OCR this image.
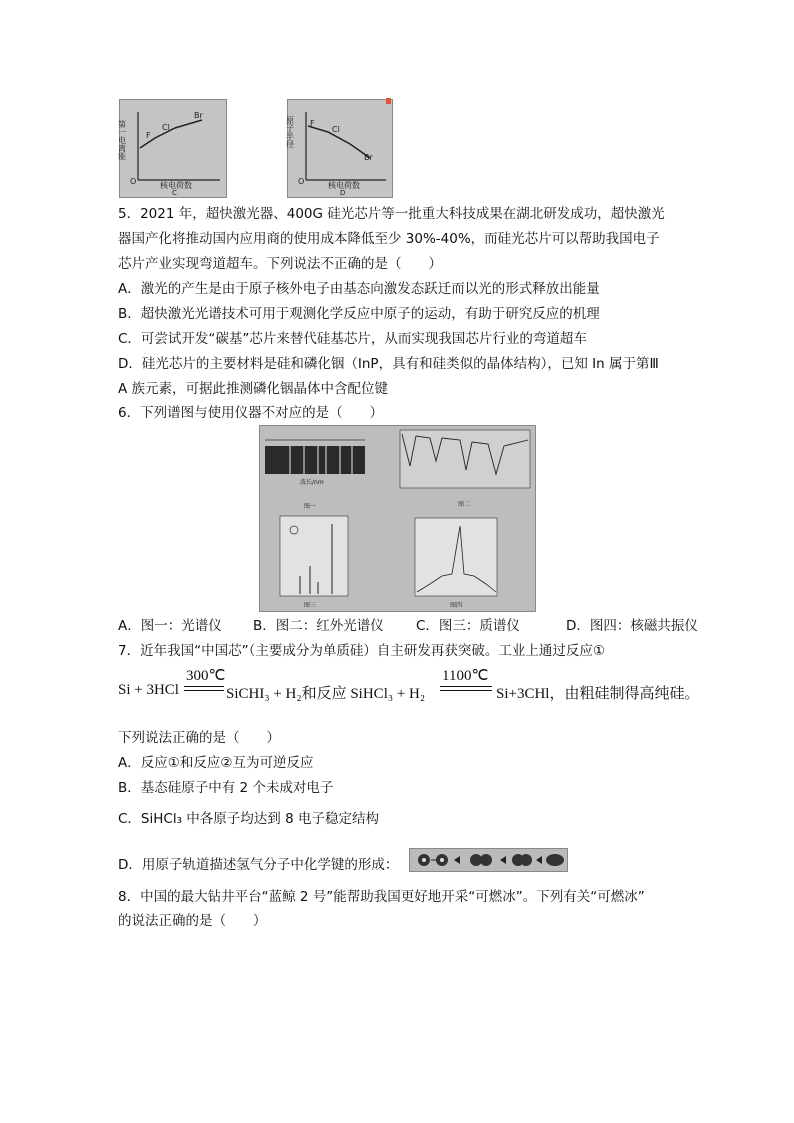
第一电离能 F
Cl
Br
O	核电荷数
C
原子半径 F
Cl
Br
O	核电荷数
D
5．2021 年，超快激光器、400G 硅光芯片等一批重大科技成果在湖北研发成功，超快激光
器国产化将推动国内应用商的使用成本降低至少 30%-40%，而硅光芯片可以帮助我国电子
芯片产业实现弯道超车。下列说法不正确的是（　　）
A．激光的产生是由于原子核外电子由基态向激发态跃迁而以光的形式释放出能量
B．超快激光光谱技术可用于观测化学反应中原子的运动，有助于研究反应的机理
C．可尝试开发“碳基”芯片来替代硅基芯片，从而实现我国芯片行业的弯道超车
D．硅光芯片的主要材料是硅和磷化铟（InP，具有和硅类似的晶体结构），已知 In 属于第Ⅲ
A 族元素，可据此推测磷化铟晶体中含配位键
6．下列谱图与使用仪器不对应的是（　　）
波长/nm
图一	图二
图三	图四
A．图一：光谱仪 B．图二：红外光谱仪 C．图三：质谱仪	D．图四：核磁共振仪
7．近年我国“中国芯”（主要成分为单质硅）自主研发再获突破。工业上通过反应①
Si + 3HCl
300℃
SiCHI₃ + H₂和反应 SiHCl₃ + H₂
1100℃
Si+3CHl，由粗硅制得高纯硅。
下列说法正确的是（　　）
A．反应①和反应②互为可逆反应
B．基态硅原子中有 2 个未成对电子
C．SiHCl₃ 中各原子均达到 8 电子稳定结构
D．用原子轨道描述氢气分子中化学键的形成：
8．中国的最大钻井平台“蓝鲸 2 号”能帮助我国更好地开采“可燃冰”。下列有关“可燃冰”
的说法正确的是（　　）
